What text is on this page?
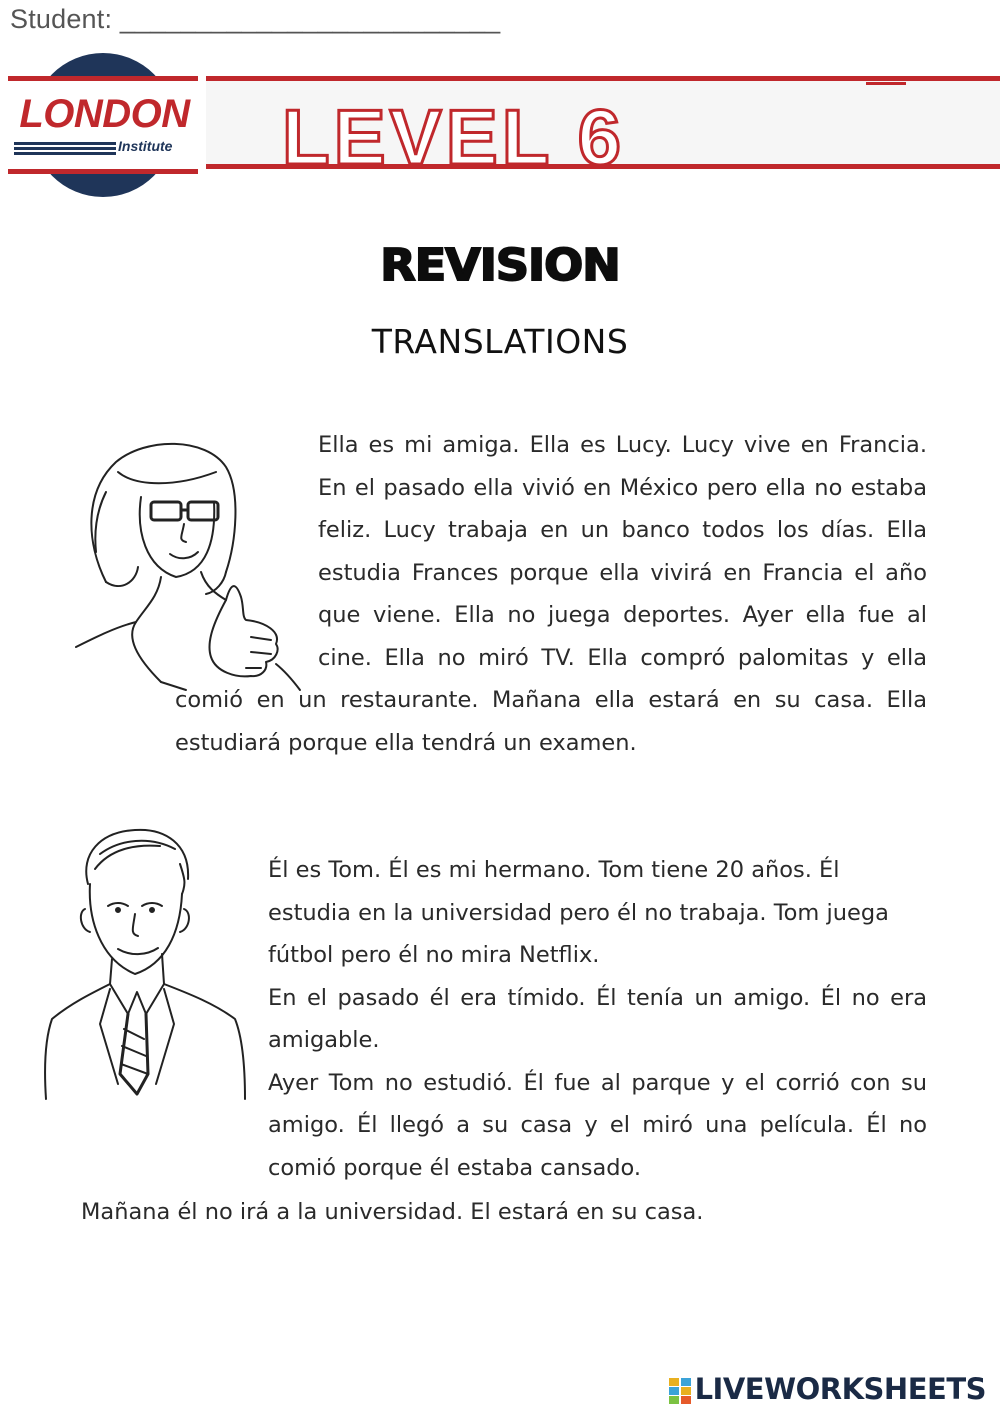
Student: _________________________
LONDON
Institute LEVEL 6
REVISION
TRANSLATIONS

Ella es mi amiga. Ella es Lucy. Lucy vive en Francia. En el pasado ella vivió en México pero ella no estaba feliz. Lucy trabaja en un banco todos los días. Ella estudia Frances porque ella vivirá en Francia el año que viene. Ella no juega deportes. Ayer ella fue al cine. Ella no miró TV. Ella compró palomitas y ella comió en un restaurante. Mañana ella estará en su casa. Ella estudiará porque ella tendrá un examen.

Él es Tom. Él es mi hermano. Tom tiene 20 años. Él estudia en la universidad pero él no trabaja. Tom juega fútbol pero él no mira Netflix.

En el pasado él era tímido. Él tenía un amigo. Él no era amigable.

Ayer Tom no estudió. Él fue al parque y el corrió con su amigo. Él llegó a su casa y el miró una película. Él no comió porque él estaba cansado.

Mañana él no irá a la universidad. El estará en su casa.

LIVEWORKSHEETS
